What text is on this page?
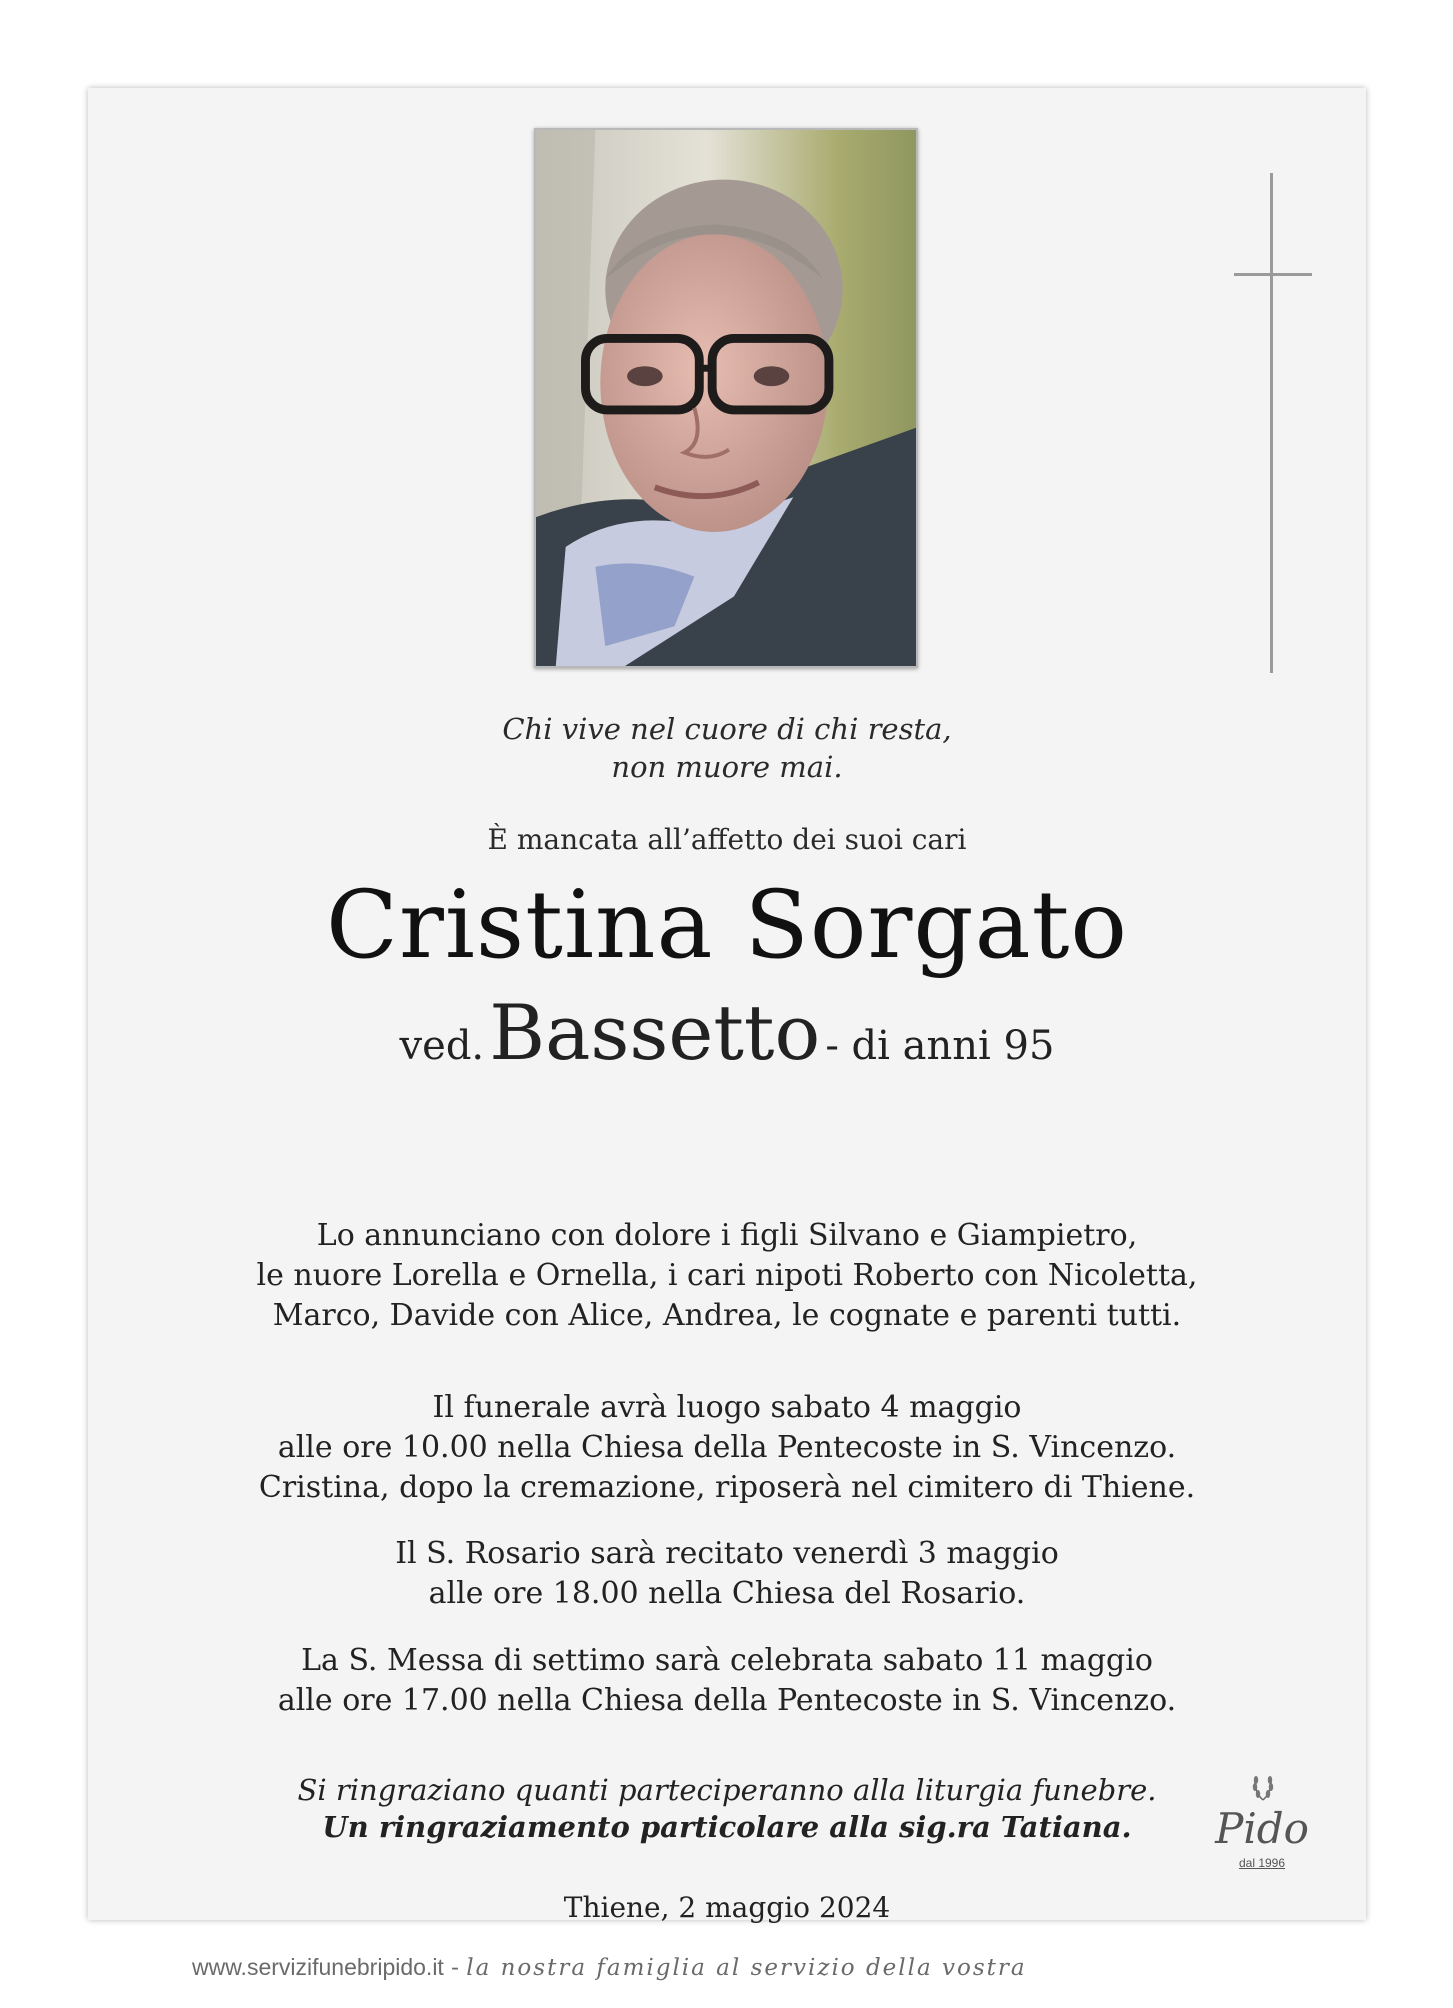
Chi vive nel cuore di chi resta,
non muore mai.
È mancata all’affetto dei suoi cari
Cristina Sorgato
ved. Bassetto - di anni 95
Lo annunciano con dolore i figli Silvano e Giampietro,
le nuore Lorella e Ornella, i cari nipoti Roberto con Nicoletta,
Marco, Davide con Alice, Andrea, le cognate e parenti tutti.
Il funerale avrà luogo sabato 4 maggio
alle ore 10.00 nella Chiesa della Pentecoste in S. Vincenzo.
Cristina, dopo la cremazione, riposerà nel cimitero di Thiene.
Il S. Rosario sarà recitato venerdì 3 maggio
alle ore 18.00 nella Chiesa del Rosario.
La S. Messa di settimo sarà celebrata sabato 11 maggio
alle ore 17.00 nella Chiesa della Pentecoste in S. Vincenzo.
Si ringraziano quanti parteciperanno alla liturgia funebre.
Un ringraziamento particolare alla sig.ra Tatiana.
Thiene, 2 maggio 2024
www.servizifunebripido.it - la nostra famiglia al servizio della vostra
Pido
dal 1996
